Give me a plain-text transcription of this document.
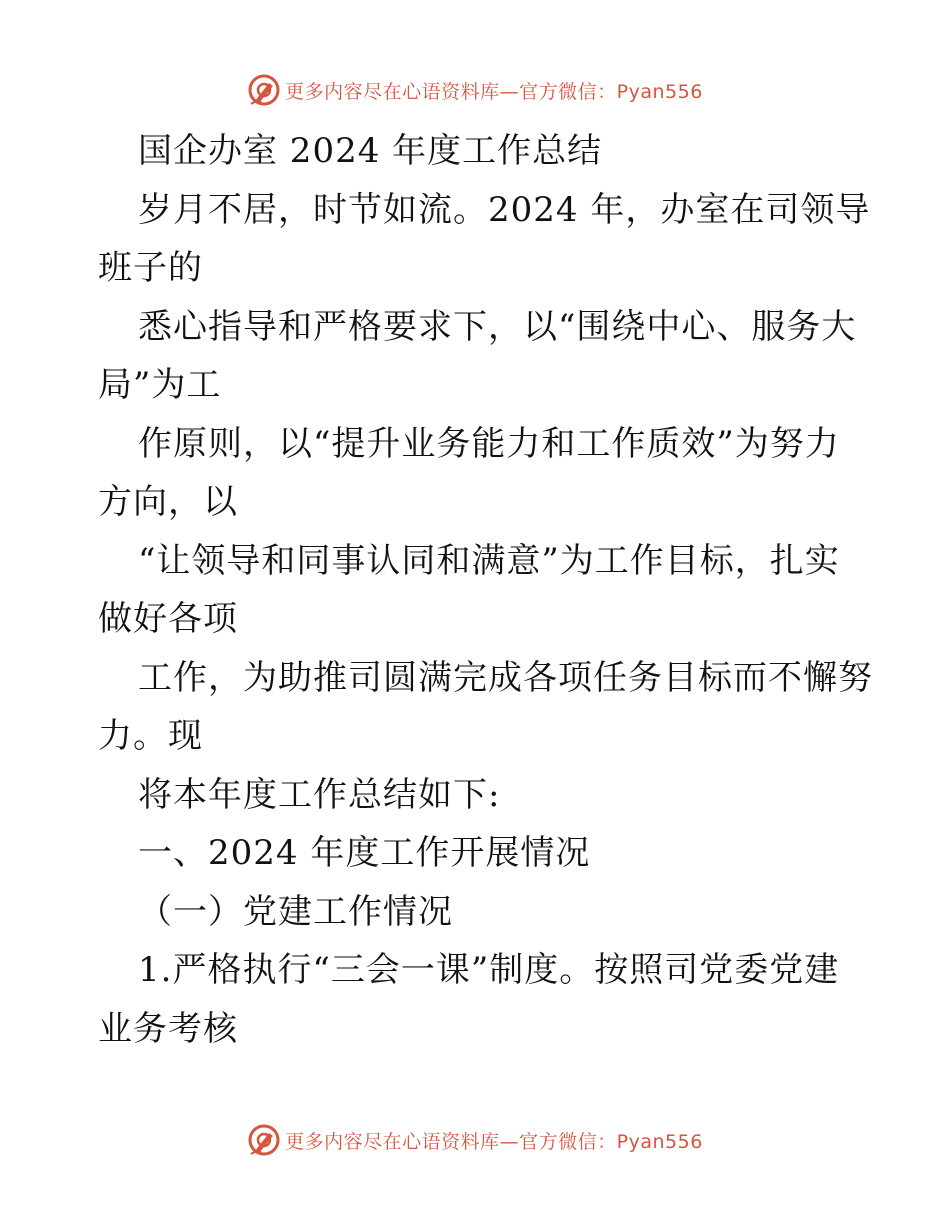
更多内容尽在心语资料库—官方微信：Pyan556
国企办室 2024 年度工作总结
岁月不居，时节如流。2024 年，办室在司领导
班子的
悉心指导和严格要求下，以“围绕中心、服务大
局”为工
作原则，以“提升业务能力和工作质效”为努力
方向，以
“让领导和同事认同和满意”为工作目标，扎实
做好各项
工作，为助推司圆满完成各项任务目标而不懈努
力。现
将本年度工作总结如下:
一、2024 年度工作开展情况
（一）党建工作情况
1.严格执行“三会一课”制度。按照司党委党建
业务考核
更多内容尽在心语资料库—官方微信：Pyan556
